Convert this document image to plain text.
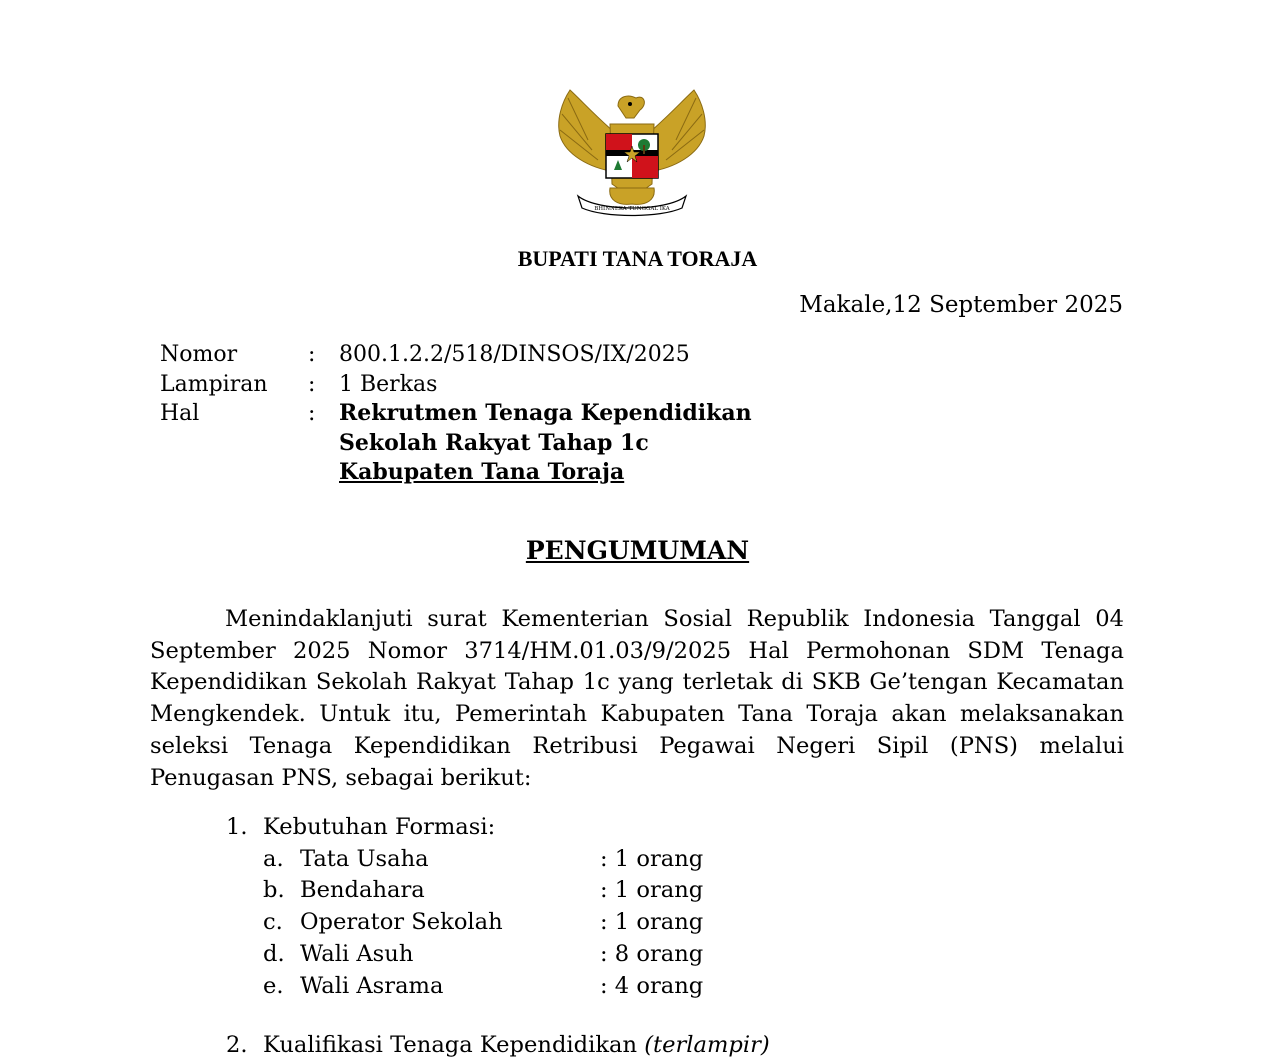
BHINNEKA TUNGGAL IKA
BUPATI TANA TORAJA
Makale,12 September 2025
Nomor	:	800.1.2.2/518/DINSOS/IX/2025
Lampiran	:	1 Berkas
Hal	:	Rekrutmen Tenaga Kependidikan
Sekolah Rakyat Tahap 1c
Kabupaten Tana Toraja
PENGUMUMAN
Menindaklanjuti surat Kementerian Sosial Republik Indonesia Tanggal 04 September 2025 Nomor 3714/HM.01.03/9/2025 Hal Permohonan SDM Tenaga Kependidikan Sekolah Rakyat Tahap 1c yang terletak di SKB Ge’tengan Kecamatan Mengkendek. Untuk itu, Pemerintah Kabupaten Tana Toraja akan melaksanakan seleksi Tenaga Kependidikan Retribusi Pegawai Negeri Sipil (PNS) melalui Penugasan PNS, sebagai berikut:
1. Kebutuhan Formasi:
a. Tata Usaha	: 1 orang
b. Bendahara	: 1 orang
c. Operator Sekolah	: 1 orang
d. Wali Asuh	: 8 orang
e. Wali Asrama	: 4 orang
2. Kualifikasi Tenaga Kependidikan (terlampir)
